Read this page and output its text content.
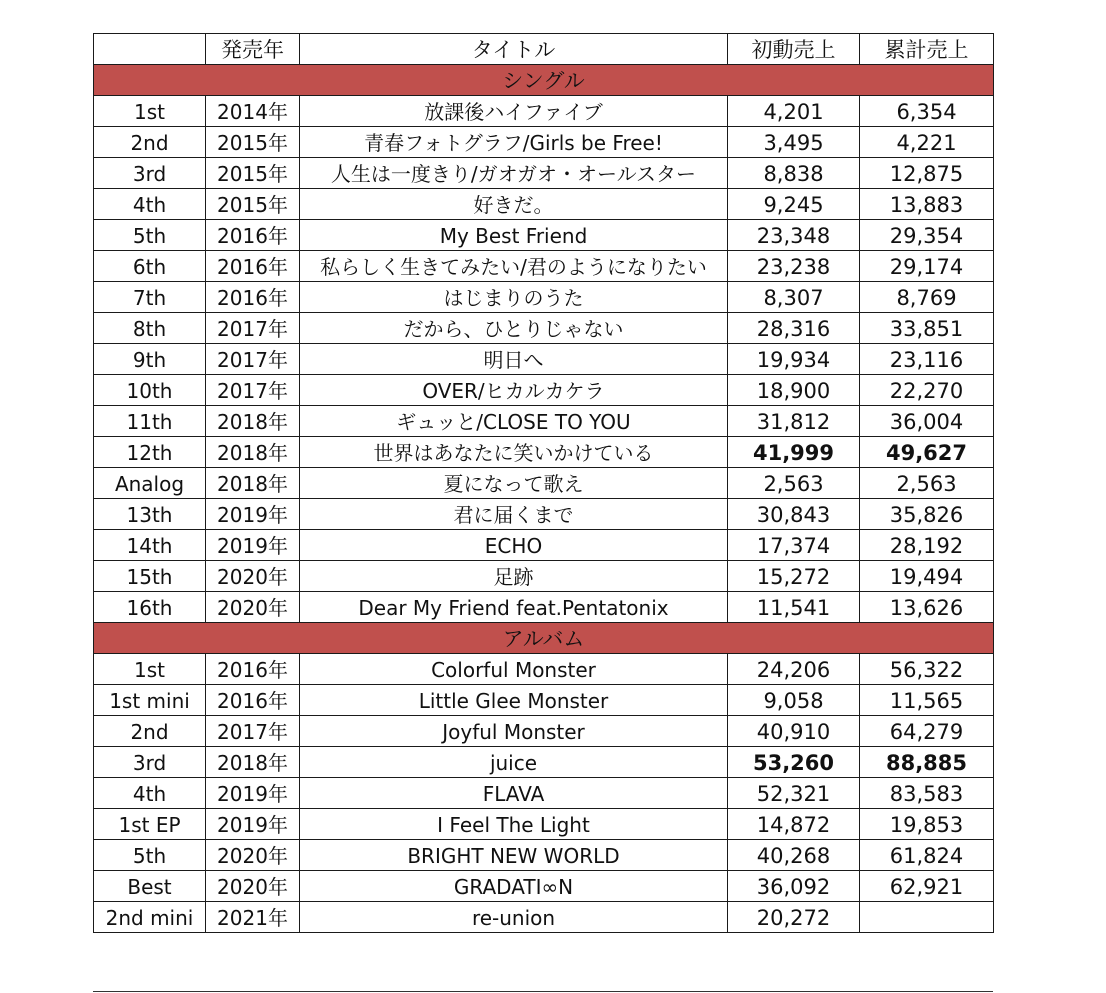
	発売年	タイトル	初動売上	累計売上
シングル				
1st	2014年	放課後ハイファイブ	4,201	6,354
2nd	2015年	青春フォトグラフ/Girls be Free!	3,495	4,221
3rd	2015年	人生は一度きり/ガオガオ・オールスター	8,838	12,875
4th	2015年	好きだ。	9,245	13,883
5th	2016年	My Best Friend	23,348	29,354
6th	2016年	私らしく生きてみたい/君のようになりたい	23,238	29,174
7th	2016年	はじまりのうた	8,307	8,769
8th	2017年	だから、ひとりじゃない	28,316	33,851
9th	2017年	明日へ	19,934	23,116
10th	2017年	OVER/ヒカルカケラ	18,900	22,270
11th	2018年	ギュッと/CLOSE TO YOU	31,812	36,004
12th	2018年	世界はあなたに笑いかけている	41,999	49,627
Analog	2018年	夏になって歌え	2,563	2,563
13th	2019年	君に届くまで	30,843	35,826
14th	2019年	ECHO	17,374	28,192
15th	2020年	足跡	15,272	19,494
16th	2020年	Dear My Friend feat.Pentatonix	11,541	13,626
アルバム				
1st	2016年	Colorful Monster	24,206	56,322
1st mini	2016年	Little Glee Monster	9,058	11,565
2nd	2017年	Joyful Monster	40,910	64,279
3rd	2018年	juice	53,260	88,885
4th	2019年	FLAVA	52,321	83,583
1st EP	2019年	I Feel The Light	14,872	19,853
5th	2020年	BRIGHT NEW WORLD	40,268	61,824
Best	2020年	GRADATI∞N	36,092	62,921
2nd mini	2021年	re-union	20,272	
